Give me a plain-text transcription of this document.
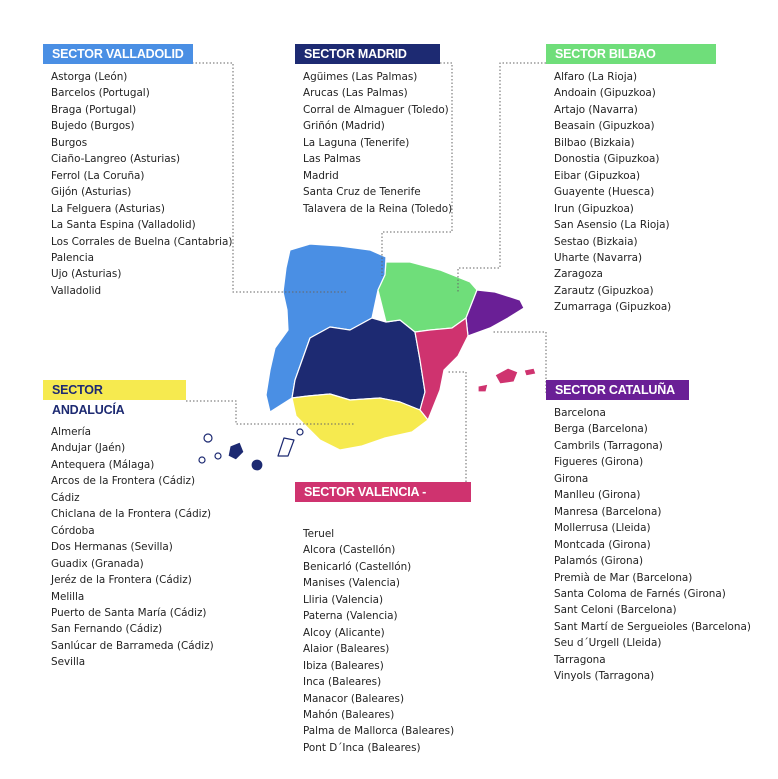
SECTOR VALLADOLID
Astorga (León)
Barcelos (Portugal)
Braga (Portugal)
Bujedo (Burgos)
Burgos
Ciaño-Langreo (Asturias)
Ferrol (La Coruña)
Gijón (Asturias)
La Felguera (Asturias)
La Santa Espina (Valladolid)
Los Corrales de Buelna (Cantabria)
Palencia
Ujo (Asturias)
Valladolid
SECTOR MADRID
Agüimes (Las Palmas)
Arucas (Las Palmas)
Corral de Almaguer (Toledo)
Griñón (Madrid)
La Laguna (Tenerife)
Las Palmas
Madrid
Santa Cruz de Tenerife
Talavera de la Reina (Toledo)
SECTOR BILBAO
Alfaro (La Rioja)
Andoain (Gipuzkoa)
Artajo (Navarra)
Beasain (Gipuzkoa)
Bilbao (Bizkaia)
Donostia (Gipuzkoa)
Eibar (Gipuzkoa)
Guayente (Huesca)
Irun (Gipuzkoa)
San Asensio (La Rioja)
Sestao (Bizkaia)
Uharte (Navarra)
Zaragoza
Zarautz (Gipuzkoa)
Zumarraga (Gipuzkoa)
SECTOR ANDALUCÍA
Almería
Andujar (Jaén)
Antequera (Málaga)
Arcos de la Frontera (Cádiz)
Cádiz
Chiclana de la Frontera (Cádiz)
Córdoba
Dos Hermanas (Sevilla)
Guadix (Granada)
Jeréz de la Frontera (Cádiz)
Melilla
Puerto de Santa María (Cádiz)
San Fernando (Cádiz)
Sanlúcar de Barrameda (Cádiz)
Sevilla
SECTOR CATALUÑA
Barcelona
Berga (Barcelona)
Cambrils (Tarragona)
Figueres (Girona)
Girona
Manlleu (Girona)
Manresa (Barcelona)
Mollerrusa (Lleida)
Montcada (Girona)
Palamós (Girona)
Premià de Mar (Barcelona)
Santa Coloma de Farnés (Girona)
Sant Celoni (Barcelona)
Sant Martí de Sergueioles (Barcelona)
Seu d´Urgell (Lleida)
Tarragona
Vinyols (Tarragona)
SECTOR VALENCIA - PALMA
Teruel
Alcora (Castellón)
Benicarló (Castellón)
Manises (Valencia)
Lliria (Valencia)
Paterna (Valencia)
Alcoy (Alicante)
Alaior (Baleares)
Ibiza (Baleares)
Inca (Baleares)
Manacor (Baleares)
Mahón (Baleares)
Palma de Mallorca (Baleares)
Pont D´Inca (Baleares)
